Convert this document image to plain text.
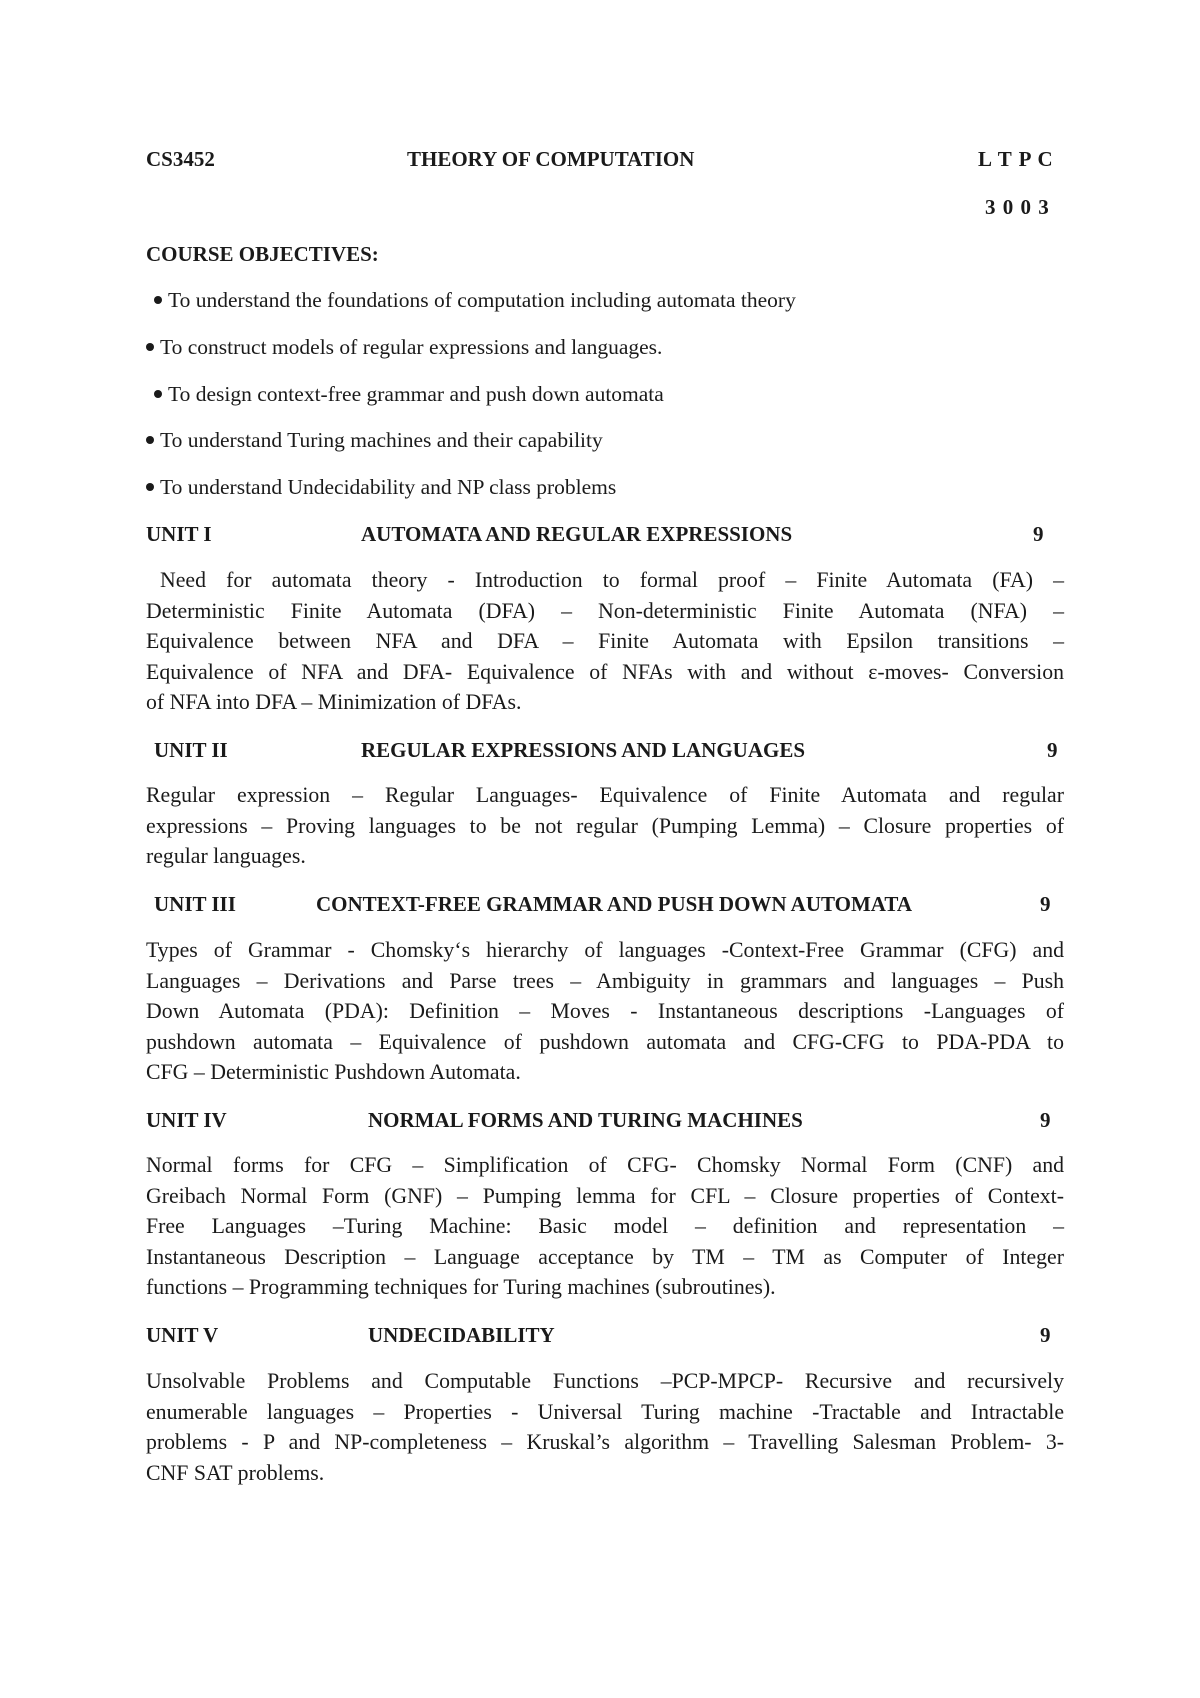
CS3452	THEORY OF COMPUTATION	L T P C
3 0 0 3
COURSE OBJECTIVES:
To understand the foundations of computation including automata theory
To construct models of regular expressions and languages.
To design context-free grammar and push down automata
To understand Turing machines and their capability
To understand Undecidability and NP class problems
UNIT I	AUTOMATA AND REGULAR EXPRESSIONS	9
Need for automata theory - Introduction to formal proof – Finite Automata (FA) –
Deterministic Finite Automata (DFA) – Non-deterministic Finite Automata (NFA) –
Equivalence between NFA and DFA – Finite Automata with Epsilon transitions –
Equivalence of NFA and DFA- Equivalence of NFAs with and without ε-moves- Conversion
of NFA into DFA – Minimization of DFAs.
UNIT II	REGULAR EXPRESSIONS AND LANGUAGES	9
Regular expression – Regular Languages- Equivalence of Finite Automata and regular
expressions – Proving languages to be not regular (Pumping Lemma) – Closure properties of
regular languages.
UNIT III	CONTEXT-FREE GRAMMAR AND PUSH DOWN AUTOMATA	9
Types of Grammar - Chomsky‘s hierarchy of languages -Context-Free Grammar (CFG) and
Languages – Derivations and Parse trees – Ambiguity in grammars and languages – Push
Down Automata (PDA): Definition – Moves - Instantaneous descriptions -Languages of
pushdown automata – Equivalence of pushdown automata and CFG-CFG to PDA-PDA to
CFG – Deterministic Pushdown Automata.
UNIT IV	NORMAL FORMS AND TURING MACHINES	9
Normal forms for CFG – Simplification of CFG- Chomsky Normal Form (CNF) and
Greibach Normal Form (GNF) – Pumping lemma for CFL – Closure properties of Context-
Free Languages –Turing Machine: Basic model – definition and representation –
Instantaneous Description – Language acceptance by TM – TM as Computer of Integer
functions – Programming techniques for Turing machines (subroutines).
UNIT V	UNDECIDABILITY	9
Unsolvable Problems and Computable Functions –PCP-MPCP- Recursive and recursively
enumerable languages – Properties - Universal Turing machine -Tractable and Intractable
problems - P and NP-completeness – Kruskal’s algorithm – Travelling Salesman Problem- 3-
CNF SAT problems.
